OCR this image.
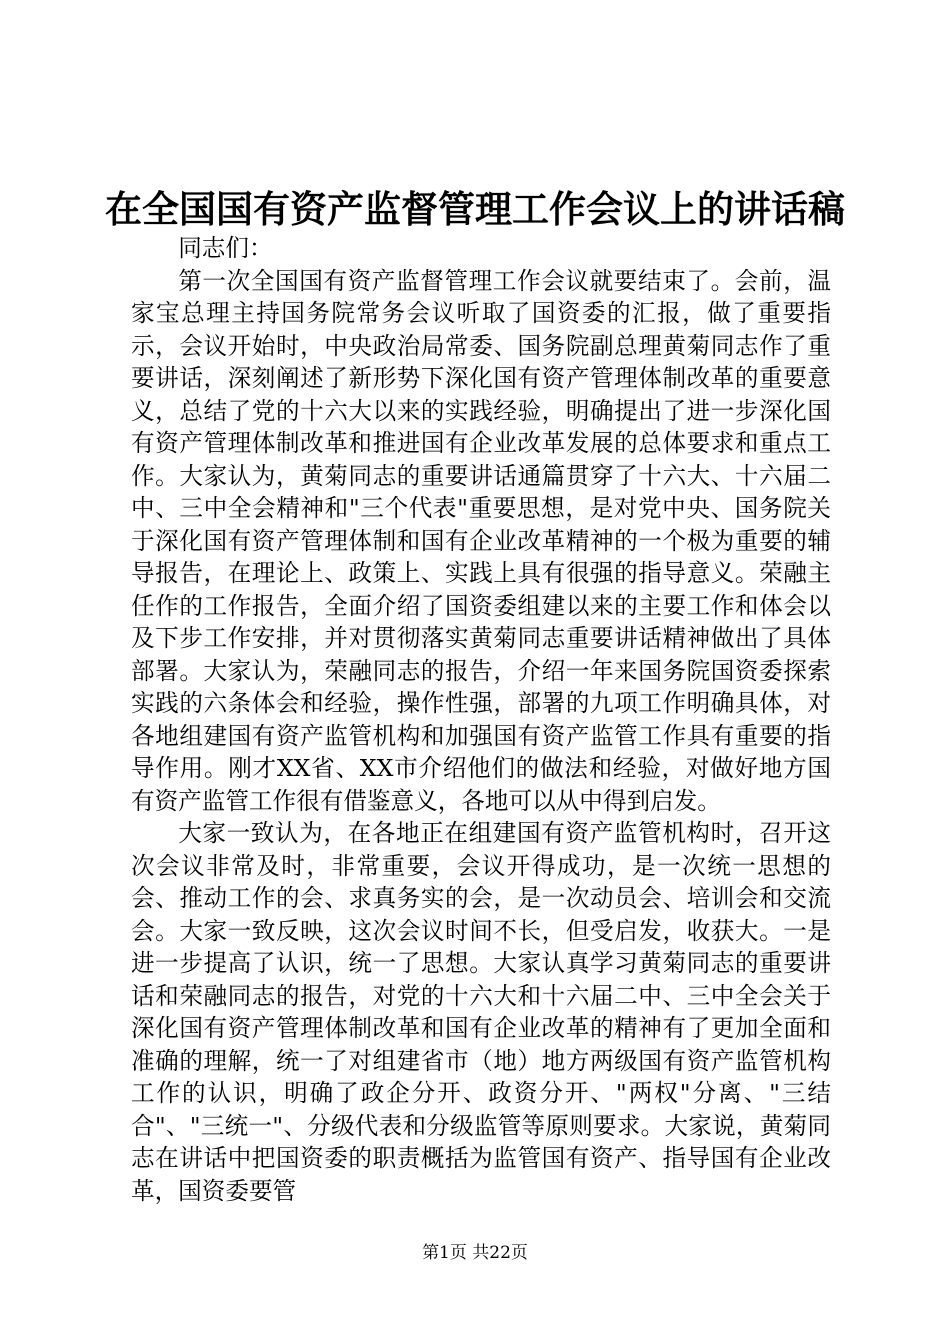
在全国国有资产监督管理工作会议上的讲话稿

同志们：

第一次全国国有资产监督管理工作会议就要结束了。会前，温家宝总理主持国务院常务会议听取了国资委的汇报，做了重要指示，会议开始时，中央政治局常委、国务院副总理黄菊同志作了重要讲话，深刻阐述了新形势下深化国有资产管理体制改革的重要意义，总结了党的十六大以来的实践经验，明确提出了进一步深化国有资产管理体制改革和推进国有企业改革发展的总体要求和重点工作。大家认为，黄菊同志的重要讲话通篇贯穿了十六大、十六届二中、三中全会精神和"三个代表"重要思想，是对党中央、国务院关于深化国有资产管理体制和国有企业改革精神的一个极为重要的辅导报告，在理论上、政策上、实践上具有很强的指导意义。荣融主任作的工作报告，全面介绍了国资委组建以来的主要工作和体会以及下步工作安排，并对贯彻落实黄菊同志重要讲话精神做出了具体部署。大家认为，荣融同志的报告，介绍一年来国务院国资委探索实践的六条体会和经验，操作性强，部署的九项工作明确具体，对各地组建国有资产监管机构和加强国有资产监管工作具有重要的指导作用。刚才XX省、XX市介绍他们的做法和经验，对做好地方国有资产监管工作很有借鉴意义，各地可以从中得到启发。

大家一致认为，在各地正在组建国有资产监管机构时，召开这次会议非常及时，非常重要，会议开得成功，是一次统一思想的会、推动工作的会、求真务实的会，是一次动员会、培训会和交流会。大家一致反映，这次会议时间不长，但受启发，收获大。一是进一步提高了认识，统一了思想。大家认真学习黄菊同志的重要讲话和荣融同志的报告，对党的十六大和十六届二中、三中全会关于深化国有资产管理体制改革和国有企业改革的精神有了更加全面和准确的理解，统一了对组建省市（地）地方两级国有资产监管机构工作的认识，明确了政企分开、政资分开、"两权"分离、"三结合"、"三统一"、分级代表和分级监管等原则要求。大家说，黄菊同志在讲话中把国资委的职责概括为监管国有资产、指导国有企业改革，国资委要管

第1页 共22页
